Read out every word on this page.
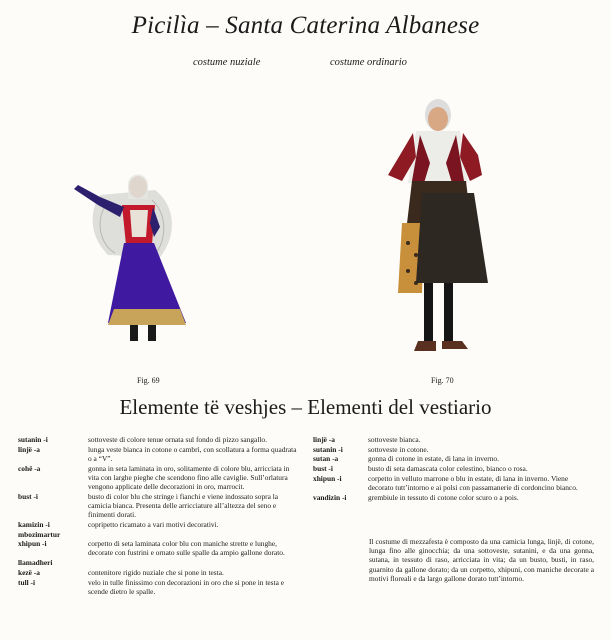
Picilìa – Santa Caterina Albanese
costume nuziale	costume ordinario
Fig. 69	Fig. 70
Elemente të veshjes – Elementi del vestiario
sutanin -i	sottoveste di colore tenue ornata sul fondo di pizzo sangallo.
linjë -a	lunga veste bianca in cotone o cambrì, con scollatura a forma quadrata o a “V”.
cohë -a	gonna in seta laminata in oro, solitamente di colore blu, arricciata in vita con larghe pieghe che scendono fino alle caviglie. Sull’orlatura vengono applicate delle decorazioni in oro, marrocit.
bust -i	busto di color blu che stringe i fianchi e viene indossato sopra la camicia bianca. Presenta delle arricciature all’altezza del seno e finimenti dorati.
kamizin -i	copripetto ricamato a vari motivi decorativi.
mbozimartur
xhipun -i	corpetto di seta laminata color blu con maniche strette e lunghe, decorate con fustrini e ornato sulle spalle da ampio gallone dorato.
llamadheri
kezë -a	contenitore rigido nuziale che si pone in testa.
tull -i	velo in tulle finissimo con decorazioni in oro che si pone in testa e scende dietro le spalle.
linjë -a	sottoveste bianca.
sutanin -i	sottoveste in cotone.
sutan -a	gonna di cotone in estate, di lana in inverno.
bust -i	busto di seta damascata color celestino, bianco o rosa.
xhipun -i	corpetto in velluto marrone o blu in estate, di lana in inverno. Viene decorato tutt’intorno e ai polsi con passamanerie di cordoncino bianco.
vandizin -i	grembiule in tessuto di cotone color scuro o a pois.
Il costume di mezzafesta è composto da una camicia lunga, linjë, di cotone, lunga fino alle ginocchia; da una sottoveste, sutanini, e da una gonna, sutana, in tessuto di raso, arricciata in vita; da un busto, busti, in raso, guarnito da gallone dorato; da un corpetto, xhipuni, con maniche decorate a motivi floreali e da largo gallone dorato tutt’intorno.
